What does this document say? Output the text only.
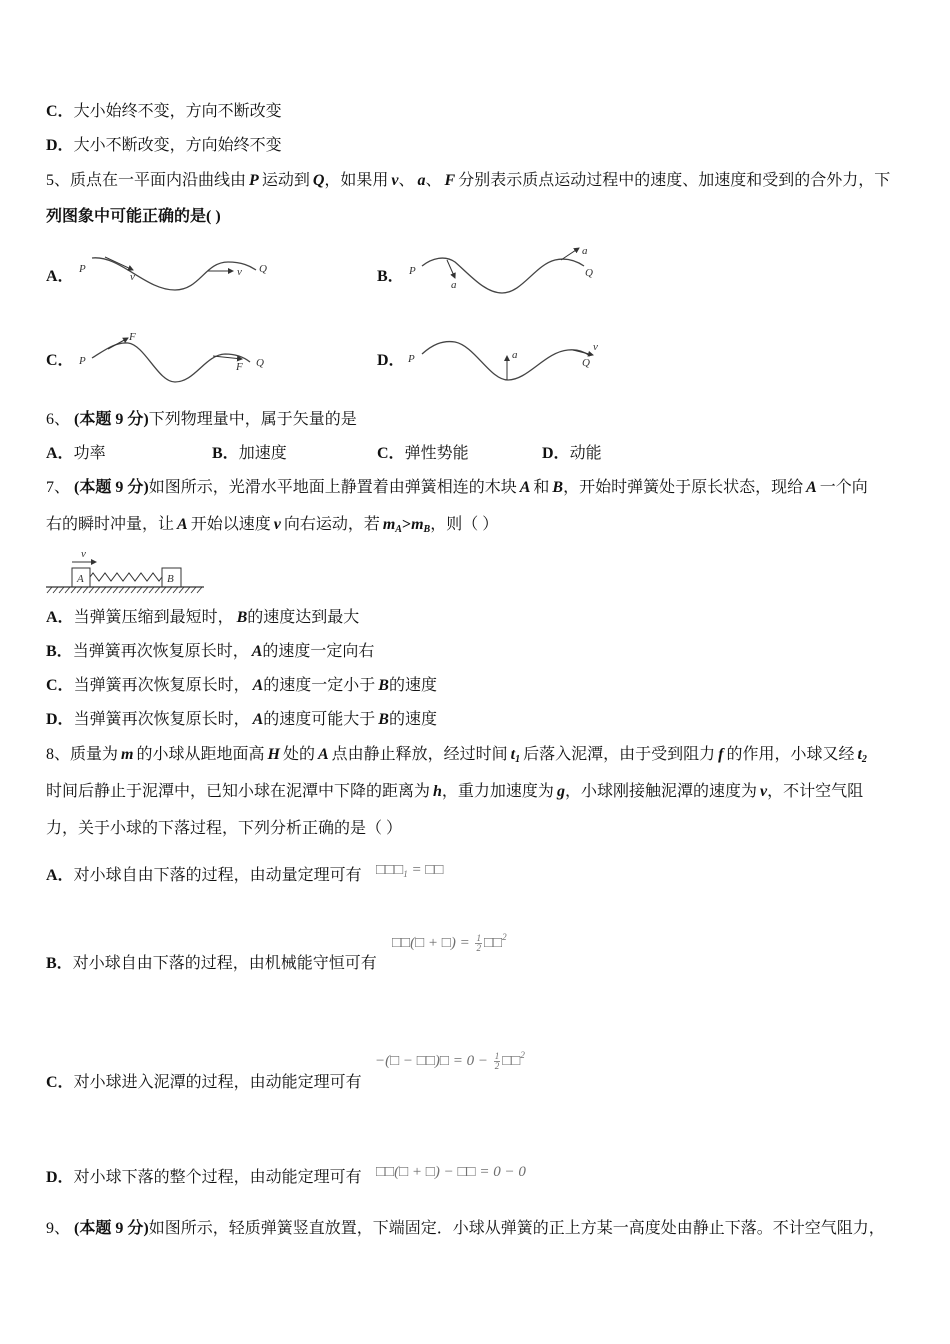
C．大小始终不变，方向不断改变
D．大小不断改变，方向始终不变
5、质点在一平面内沿曲线由 P 运动到 Q，如果用 v、 a、 F 分别表示质点运动过程中的速度、加速度和受到的合外力，下
列图象中可能正确的是( )
A．	B．
C．	D．
P
v	v Q	P
a
a
Q
P
F
F Q	P	a
v
Q
6、 (本题 9 分)下列物理量中，属于矢量的是
A．功率	B．加速度	C．弹性势能	D．动能
7、 (本题 9 分)如图所示，光滑水平地面上静置着由弹簧相连的木块 A 和 B，开始时弹簧处于原长状态，现给 A 一个向
右的瞬时冲量，让 A 开始以速度 v 向右运动，若 $m_A>m_B$，则（ ）
v
A	B
A．当弹簧压缩到最短时， B的速度达到最大
B．当弹簧再次恢复原长时， A的速度一定向右
C．当弹簧再次恢复原长时， A的速度一定小于 B的速度
D．当弹簧再次恢复原长时， A的速度可能大于 B的速度
8、质量为 m 的小球从距地面高 H 处的 A 点由静止释放，经过时间 $t_1$ 后落入泥潭，由于受到阻力 f 的作用，小球又经 $t_2$
时间后静止于泥潭中，已知小球在泥潭中下降的距离为 h，重力加速度为 g，小球刚接触泥潭的速度为 v，不计空气阻
力，关于小球的下落过程，下列分析正确的是（ ）
A．对小球自由下落的过程，由动量定理可有 $□□□_1$ = □□
□□(□ + □) = $\frac{1}{2}$ □□$^2$
B．对小球自由下落的过程，由机械能守恒可有
−(□ − □□)□ = $0 - \frac{1}{2}$ □□$^2$
C．对小球进入泥潭的过程，由动能定理可有
D．对小球下落的整个过程，由动能定理可有 □□(□ + □) − □□ = 0 − 0
9、 (本题 9 分)如图所示，轻质弹簧竖直放置，下端固定．小球从弹簧的正上方某一高度处由静止下落。不计空气阻力，
